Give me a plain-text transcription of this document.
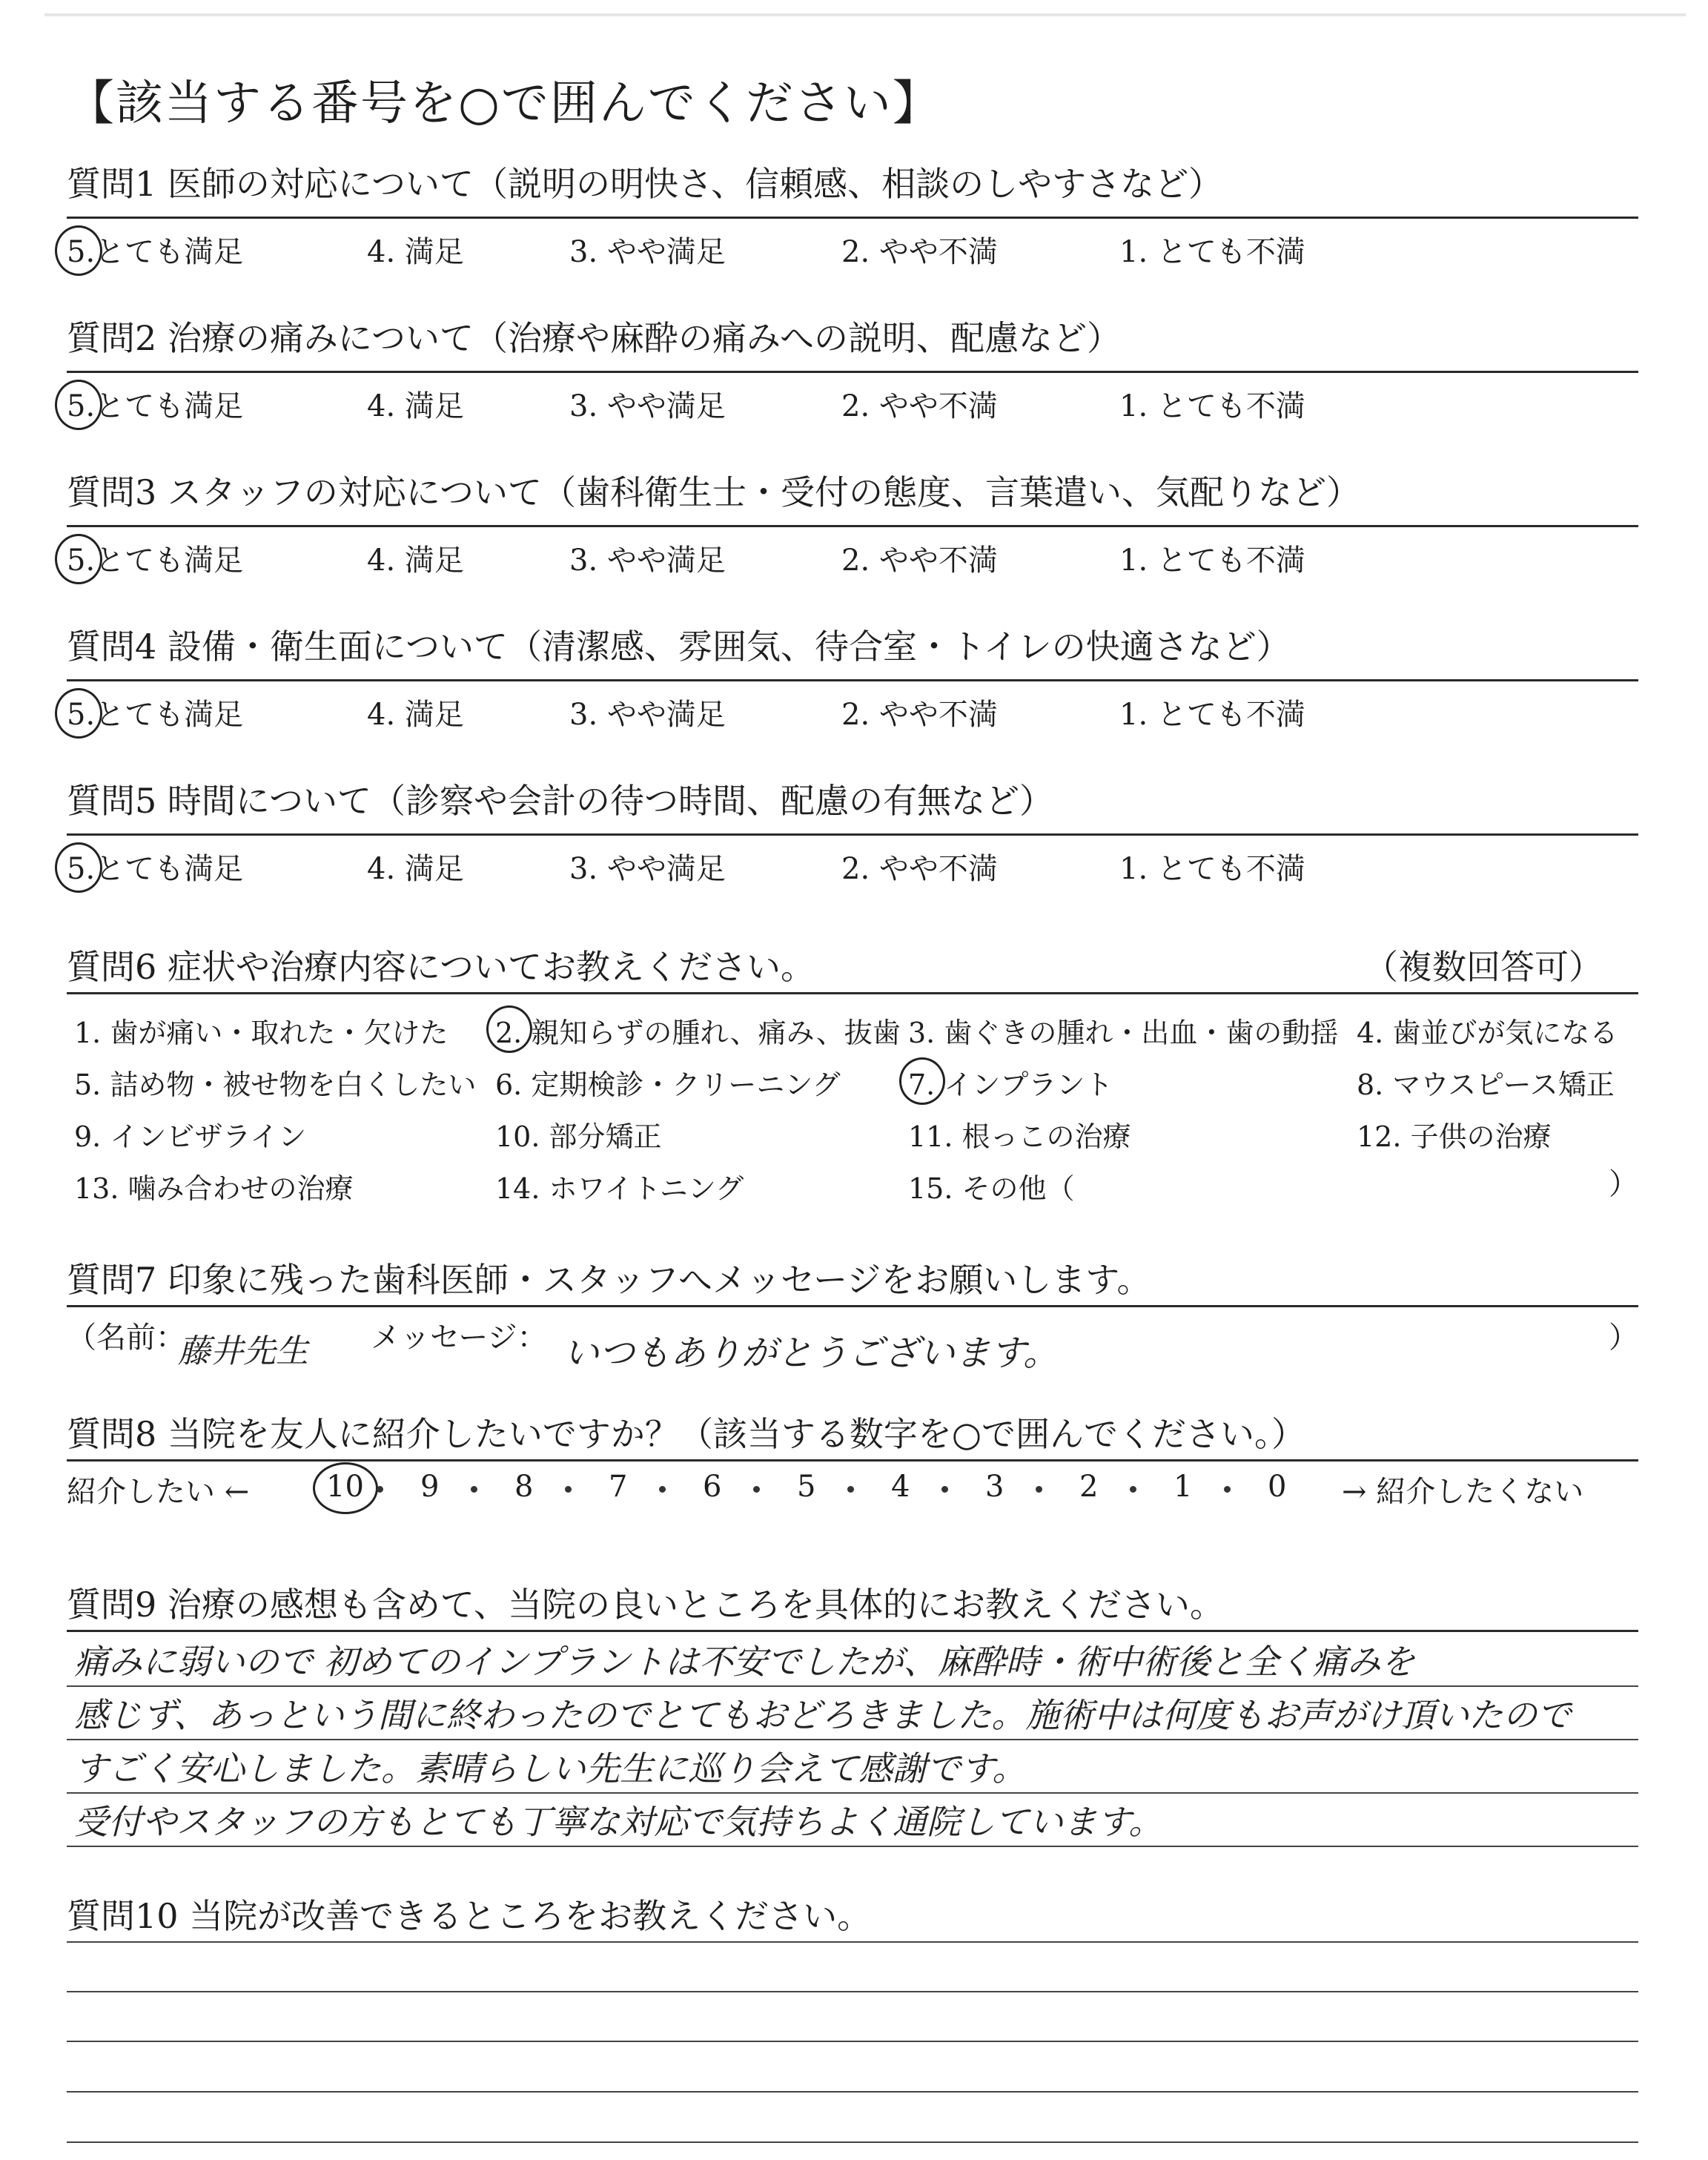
【該当する番号を○で囲んでください】
質問1 医師の対応について（説明の明快さ、信頼感、相談のしやすさなど）
5.とても満足	4. 満足	3. やや満足	2. やや不満	1. とても不満
質問2 治療の痛みについて（治療や麻酔の痛みへの説明、配慮など）
5.とても満足	4. 満足	3. やや満足	2. やや不満	1. とても不満
質問3 スタッフの対応について（歯科衛生士・受付の態度、言葉遣い、気配りなど）
5.とても満足	4. 満足	3. やや満足	2. やや不満	1. とても不満
質問4 設備・衛生面について（清潔感、雰囲気、待合室・トイレの快適さなど）
5.とても満足	4. 満足	3. やや満足	2. やや不満	1. とても不満
質問5 時間について（診察や会計の待つ時間、配慮の有無など）
5.とても満足	4. 満足	3. やや満足	2. やや不満	1. とても不満
質問6 症状や治療内容についてお教えください。	（複数回答可）
1. 歯が痛い・取れた・欠けた 2. 親知らずの腫れ、痛み、抜歯 3. 歯ぐきの腫れ・出血・歯の動揺 4. 歯並びが気になる
5. 詰め物・被せ物を白くしたい 6. 定期検診・クリーニング 7. インプラント	8. マウスピース矯正
9. インビザライン	10. 部分矯正	11. 根っこの治療	12. 子供の治療
13. 噛み合わせの治療	14. ホワイトニング	15. その他（	）
質問7 印象に残った歯科医師・スタッフへメッセージをお願いします。
（名前：
藤井先生 メッセージ： いつもありがとうございます。	）
質問8 当院を友人に紹介したいですか？（該当する数字を○で囲んでください。）
紹介したい ←	10 9	8	7	6	5	4	3	2	1	0 → 紹介したくない
質問9 治療の感想も含めて、当院の良いところを具体的にお教えください。
痛みに弱いので 初めてのインプラントは不安でしたが、麻酔時・術中術後と全く痛みを
感じず、あっという間に終わったのでとてもおどろきました。施術中は何度もお声がけ頂いたので
すごく安心しました。素晴らしい先生に巡り会えて感謝です。
受付やスタッフの方もとても丁寧な対応で気持ちよく通院しています。
質問10 当院が改善できるところをお教えください。
